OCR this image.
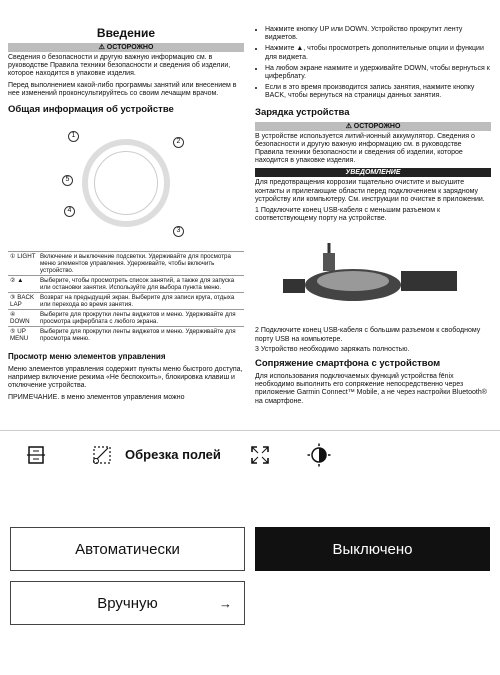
Введение
⚠ ОСТОРОЖНО

Сведения о безопасности и другую важную информацию см. в руководстве Правила техники безопасности и сведения об изделии, которое находится в упаковке изделия.

Перед выполнением какой-либо программы занятий или внесением в нее изменений проконсультируйтесь со своим лечащим врачом.

Общая информация об устройстве
1
2
3
4
5
① LIGHT	Включение и выключение подсветки. Удерживайте для просмотра меню элементов управления. Удерживайте, чтобы включить устройство.
② ▲	Выберите, чтобы просмотреть список занятий, а также для запуска или остановки занятия. Используйте для выбора пункта меню.
③ BACK LAP	Возврат на предыдущий экран. Выберите для записи круга, отдыха или перехода во время занятия.
④ DOWN	Выберите для прокрутки ленты виджетов и меню. Удерживайте для просмотра циферблата с любого экрана.
⑤ UP MENU	Выберите для прокрутки ленты виджетов и меню. Удерживайте для просмотра меню.
Просмотр меню элементов управления

Меню элементов управления содержит пункты меню быстрого доступа, например включение режима «Не беспокоить», блокировка клавиш и отключение устройства.

ПРИМЕЧАНИЕ. в меню элементов управления можно

• Нажмите кнопку UP или DOWN. Устройство прокрутит ленту виджетов.
• Нажмите ▲, чтобы просмотреть дополнительные опции и функции для виджета.
• На любом экране нажмите и удерживайте DOWN, чтобы вернуться к циферблату.
• Если в это время производится запись занятия, нажмите кнопку BACK, чтобы вернуться на страницы данных занятия.
Зарядка устройства
⚠ ОСТОРОЖНО

В устройстве используется литий-ионный аккумулятор. Сведения о безопасности и другую важную информацию см. в руководстве Правила техники безопасности и сведения об изделии, которое находится в упаковке изделия.

УВЕДОМЛЕНИЕ

Для предотвращения коррозии тщательно очистите и высушите контакты и прилегающие области перед подключением к зарядному устройству или компьютеру. См. инструкции по очистке в приложении.

1 Подключите конец USB-кабеля с меньшим разъемом к соответствующему порту на устройстве.
2 Подключите конец USB-кабеля с большим разъемом к свободному порту USB на компьютере.
3 Устройство необходимо заряжать полностью.
Сопряжение смартфона с устройством

Для использования подключаемых функций устройства fēnix необходимо выполнить его сопряжение непосредственно через приложение Garmin Connect™ Mobile, а не через настройки Bluetooth® на смартфоне.

Обрезка полей
Автоматически	Выключено
Вручную	→
